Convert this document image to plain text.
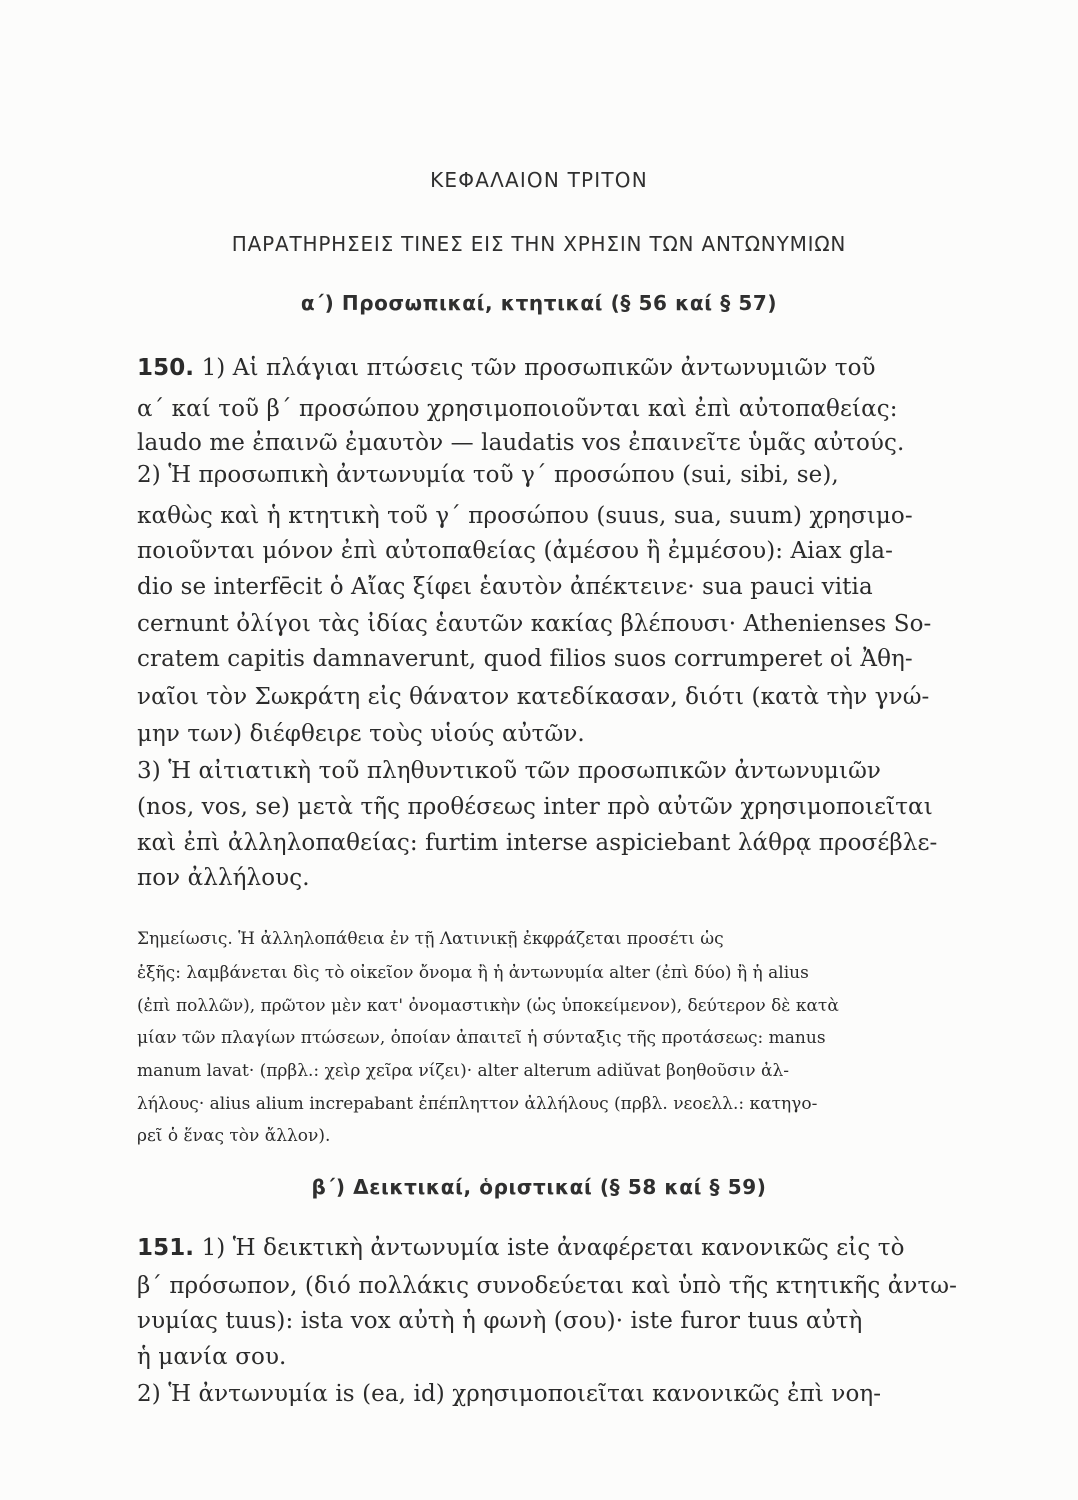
ΚΕΦΑΛΑΙΟΝ ΤΡΙΤΟΝ
ΠΑΡΑΤΗΡΗΣΕΙΣ ΤΙΝΕΣ ΕΙΣ ΤΗΝ ΧΡΗΣΙΝ ΤΩΝ ΑΝΤΩΝΥΜΙΩΝ
α΄) Προσωπικαί, κτητικαί (§ 56 καί § 57)
150. 1) Αἱ πλάγιαι πτώσεις τῶν προσωπικῶν ἀντωνυμιῶν τοῦ
α΄ καί τοῦ β΄ προσώπου χρησιμοποιοῦνται καὶ ἐπὶ αὐτοπαθείας:
laudo me ἐπαινῶ ἐμαυτὸν — laudatis vos ἐπαινεῖτε ὑμᾶς αὐτούς.
2) Ἡ προσωπικὴ ἀντωνυμία τοῦ γ΄ προσώπου (sui, sibi, se),
καθὼς καὶ ἡ κτητικὴ τοῦ γ΄ προσώπου (suus, sua, suum) χρησιμο-
ποιοῦνται μόνον ἐπὶ αὐτοπαθείας (ἀμέσου ἢ ἐμμέσου): Aiax gla-
dio se interfēcit ὁ Αἴας ξίφει ἑαυτὸν ἀπέκτεινε· sua pauci vitia
cernunt ὀλίγοι τὰς ἰδίας ἑαυτῶν κακίας βλέπουσι· Athenienses So-
cratem capitis damnaverunt, quod filios suos corrumperet οἱ Ἀθη-
ναῖοι τὸν Σωκράτη εἰς θάνατον κατεδίκασαν, διότι (κατὰ τὴν γνώ-
μην των) διέφθειρε τοὺς υἱούς αὐτῶν.
3) Ἡ αἰτιατικὴ τοῦ πληθυντικοῦ τῶν προσωπικῶν ἀντωνυμιῶν
(nos, vos, se) μετὰ τῆς προθέσεως inter πρὸ αὐτῶν χρησιμοποιεῖται
καὶ ἐπὶ ἀλληλοπαθείας: furtim interse aspiciebant λάθρᾳ προσέβλε-
πον ἀλλήλους.
Σημείωσις. Ἡ ἀλληλοπάθεια ἐν τῇ Λατινικῇ ἐκφράζεται προσέτι ὡς
ἑξῆς: λαμβάνεται δὶς τὸ οἰκεῖον ὄνομα ἢ ἡ ἀντωνυμία alter (ἐπὶ δύο) ἢ ἡ alius
(ἐπὶ πολλῶν), πρῶτον μὲν κατ' ὀνομαστικὴν (ὡς ὑποκείμενον), δεύτερον δὲ κατὰ
μίαν τῶν πλαγίων πτώσεων, ὁποίαν ἀπαιτεῖ ἡ σύνταξις τῆς προτάσεως: manus
manum lavat· (πρβλ.: χεὶρ χεῖρα νίζει)· alter alterum adiŭvat βοηθοῦσιν ἀλ-
λήλους· alius alium increpabant ἐπέπληττον ἀλλήλους (πρβλ. νεοελλ.: κατηγο-
ρεῖ ὁ ἕνας τὸν ἄλλον).
β΄) Δεικτικαί, ὁριστικαί (§ 58 καί § 59)
151. 1) Ἡ δεικτικὴ ἀντωνυμία iste ἀναφέρεται κανονικῶς εἰς τὸ
β΄ πρόσωπον, (διό πολλάκις συνοδεύεται καὶ ὑπὸ τῆς κτητικῆς ἀντω-
νυμίας tuus): ista vox αὐτὴ ἡ φωνὴ (σου)· iste furor tuus αὐτὴ
ἡ μανία σου.
2) Ἡ ἀντωνυμία is (ea, id) χρησιμοποιεῖται κανονικῶς ἐπὶ νοη-
